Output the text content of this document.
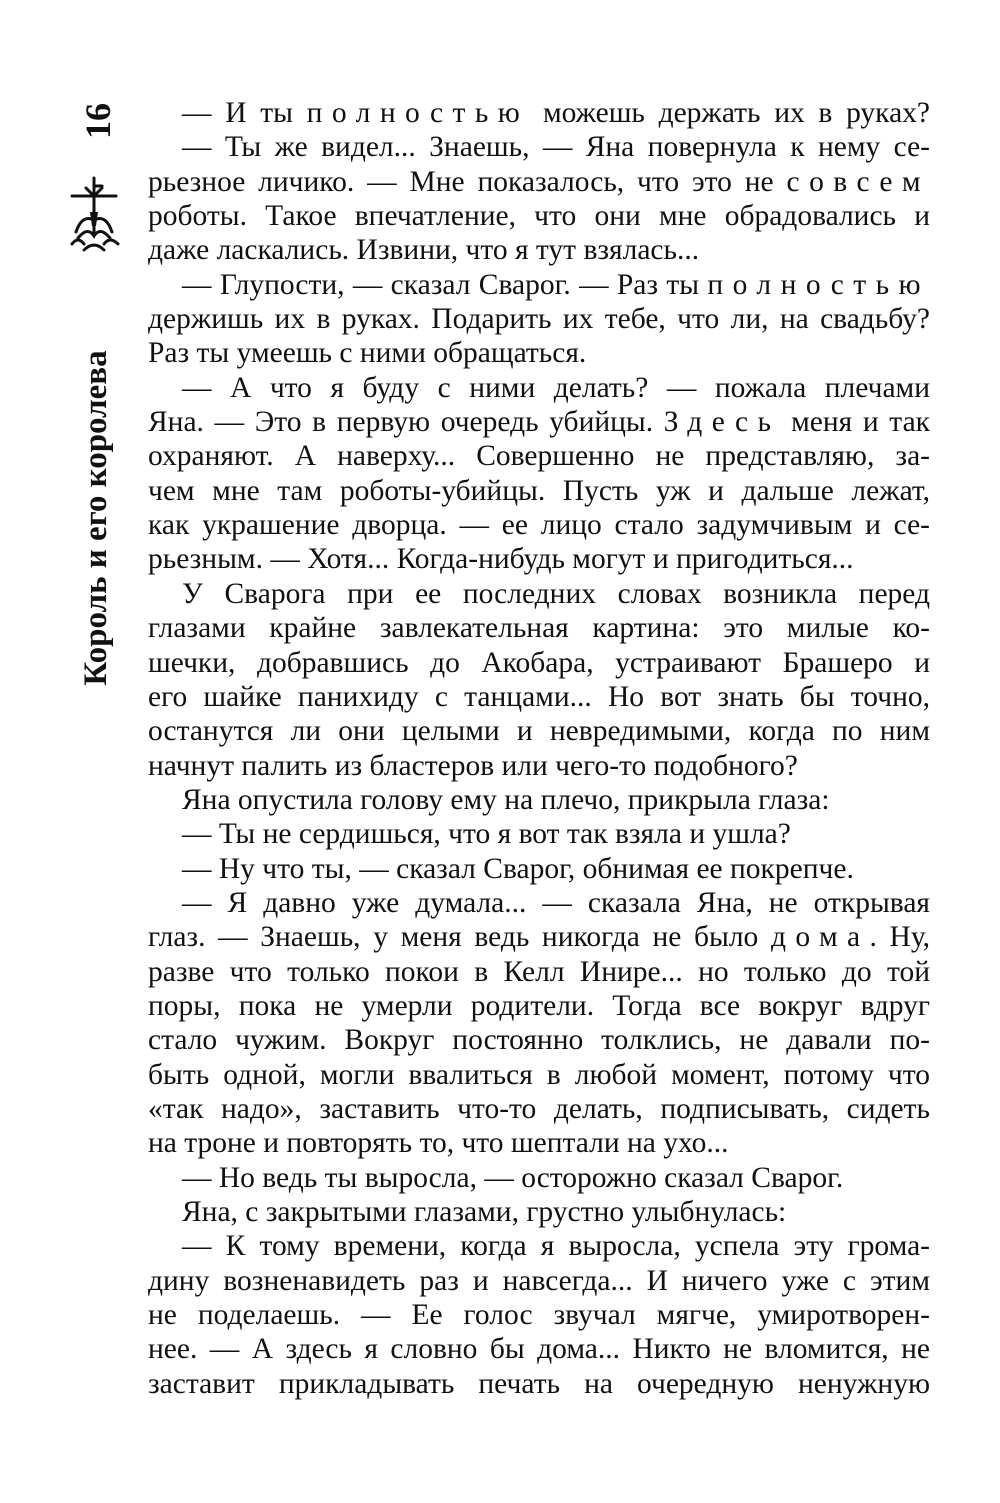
16
Король и его королева
— И ты полностью можешь держать их в руках?
— Ты же видел... Знаешь, — Яна повернула к нему се-
рьезное личико. — Мне показалось, что это не совсем
роботы. Такое впечатление, что они мне обрадовались и
даже ласкались. Извини, что я тут взялась...
— Глупости, — сказал Сварог. — Раз ты полностью
держишь их в руках. Подарить их тебе, что ли, на свадьбу?
Раз ты умеешь с ними обращаться.
— А что я буду с ними делать? — пожала плечами
Яна. — Это в первую очередь убийцы. Здесь меня и так
охраняют. А наверху... Совершенно не представляю, за-
чем мне там роботы-убийцы. Пусть уж и дальше лежат,
как украшение дворца. — ее лицо стало задумчивым и се-
рьезным. — Хотя... Когда-нибудь могут и пригодиться...
У Сварога при ее последних словах возникла перед
глазами крайне завлекательная картина: это милые ко-
шечки, добравшись до Акобара, устраивают Брашеро и
его шайке панихиду с танцами... Но вот знать бы точно,
останутся ли они целыми и невредимыми, когда по ним
начнут палить из бластеров или чего-то подобного?
Яна опустила голову ему на плечо, прикрыла глаза:
— Ты не сердишься, что я вот так взяла и ушла?
— Ну что ты, — сказал Сварог, обнимая ее покрепче.
— Я давно уже думала... — сказала Яна, не открывая
глаз. — Знаешь, у меня ведь никогда не было дома. Ну,
разве что только покои в Келл Инире... но только до той
поры, пока не умерли родители. Тогда все вокруг вдруг
стало чужим. Вокруг постоянно толклись, не давали по-
быть одной, могли ввалиться в любой момент, потому что
«так надо», заставить что-то делать, подписывать, сидеть
на троне и повторять то, что шептали на ухо...
— Но ведь ты выросла, — осторожно сказал Сварог.
Яна, с закрытыми глазами, грустно улыбнулась:
— К тому времени, когда я выросла, успела эту грома-
дину возненавидеть раз и навсегда... И ничего уже с этим
не поделаешь. — Ее голос звучал мягче, умиротворен-
нее. — А здесь я словно бы дома... Никто не вломится, не
заставит прикладывать печать на очередную ненужную
